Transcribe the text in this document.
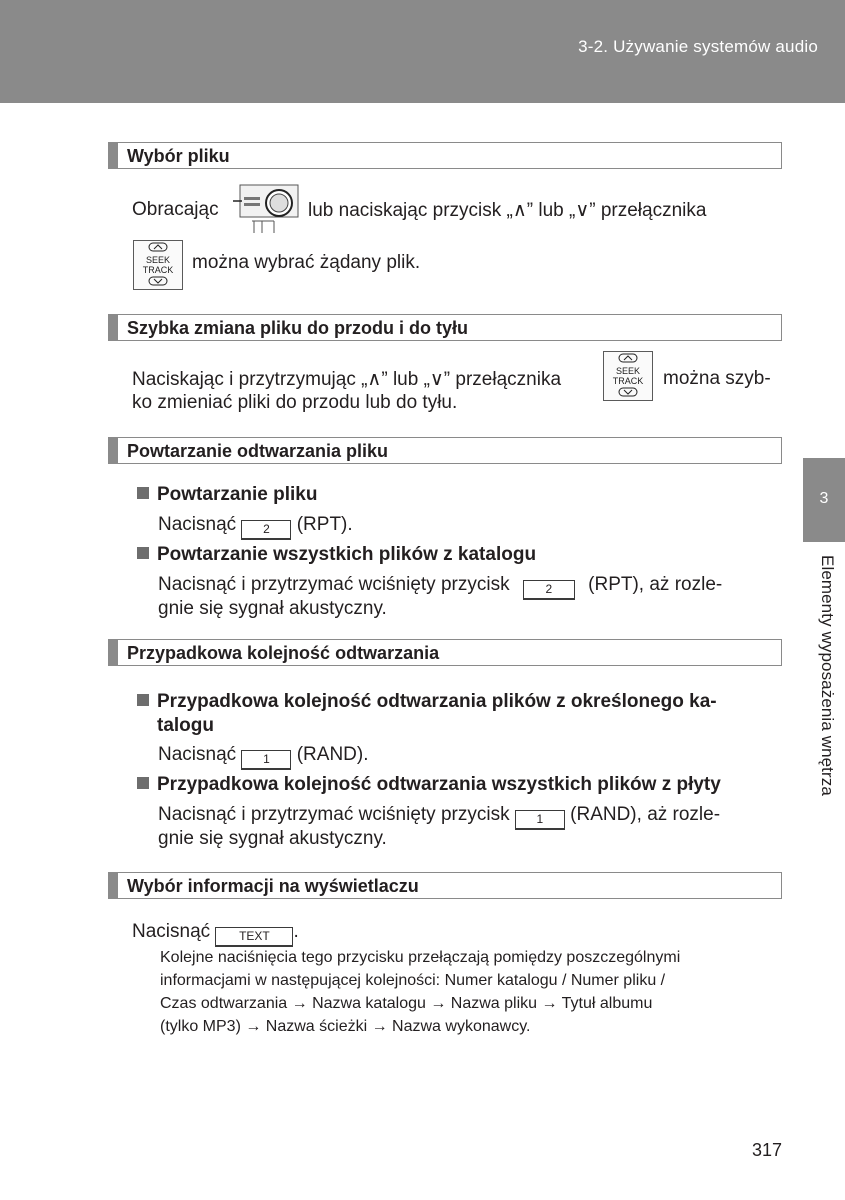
3-2. Używanie systemów audio
3
Elementy wyposażenia wnętrza
Wybór pliku
Obracając	lub naciskając przycisk „∧” lub „∨” przełącznika
SEEK
TRACK można wybrać żądany plik.
Szybka zmiana pliku do przodu i do tyłu
Naciskając i przytrzymując „∧” lub „∨” przełącznika	SEEK
TRACK można szyb-
ko zmieniać pliki do przodu lub do tyłu.
Powtarzanie odtwarzania pliku
Powtarzanie pliku
Nacisnąć 2 (RPT).
Powtarzanie wszystkich plików z katalogu
Nacisnąć i przytrzymać wciśnięty przycisk	2 (RPT), aż rozle-
gnie się sygnał akustyczny.
Przypadkowa kolejność odtwarzania
Przypadkowa kolejność odtwarzania plików z określonego ka-
talogu
Nacisnąć 1 (RAND).
Przypadkowa kolejność odtwarzania wszystkich plików z płyty
Nacisnąć i przytrzymać wciśnięty przycisk 1 (RAND), aż rozle-
gnie się sygnał akustyczny.
Wybór informacji na wyświetlaczu
Nacisnąć TEXT .
Kolejne naciśnięcia tego przycisku przełączają pomiędzy poszczególnymi
informacjami w następującej kolejności: Numer katalogu / Numer pliku /
Czas odtwarzania → Nazwa katalogu → Nazwa pliku → Tytuł albumu
(tylko MP3) → Nazwa ścieżki → Nazwa wykonawcy.
317
